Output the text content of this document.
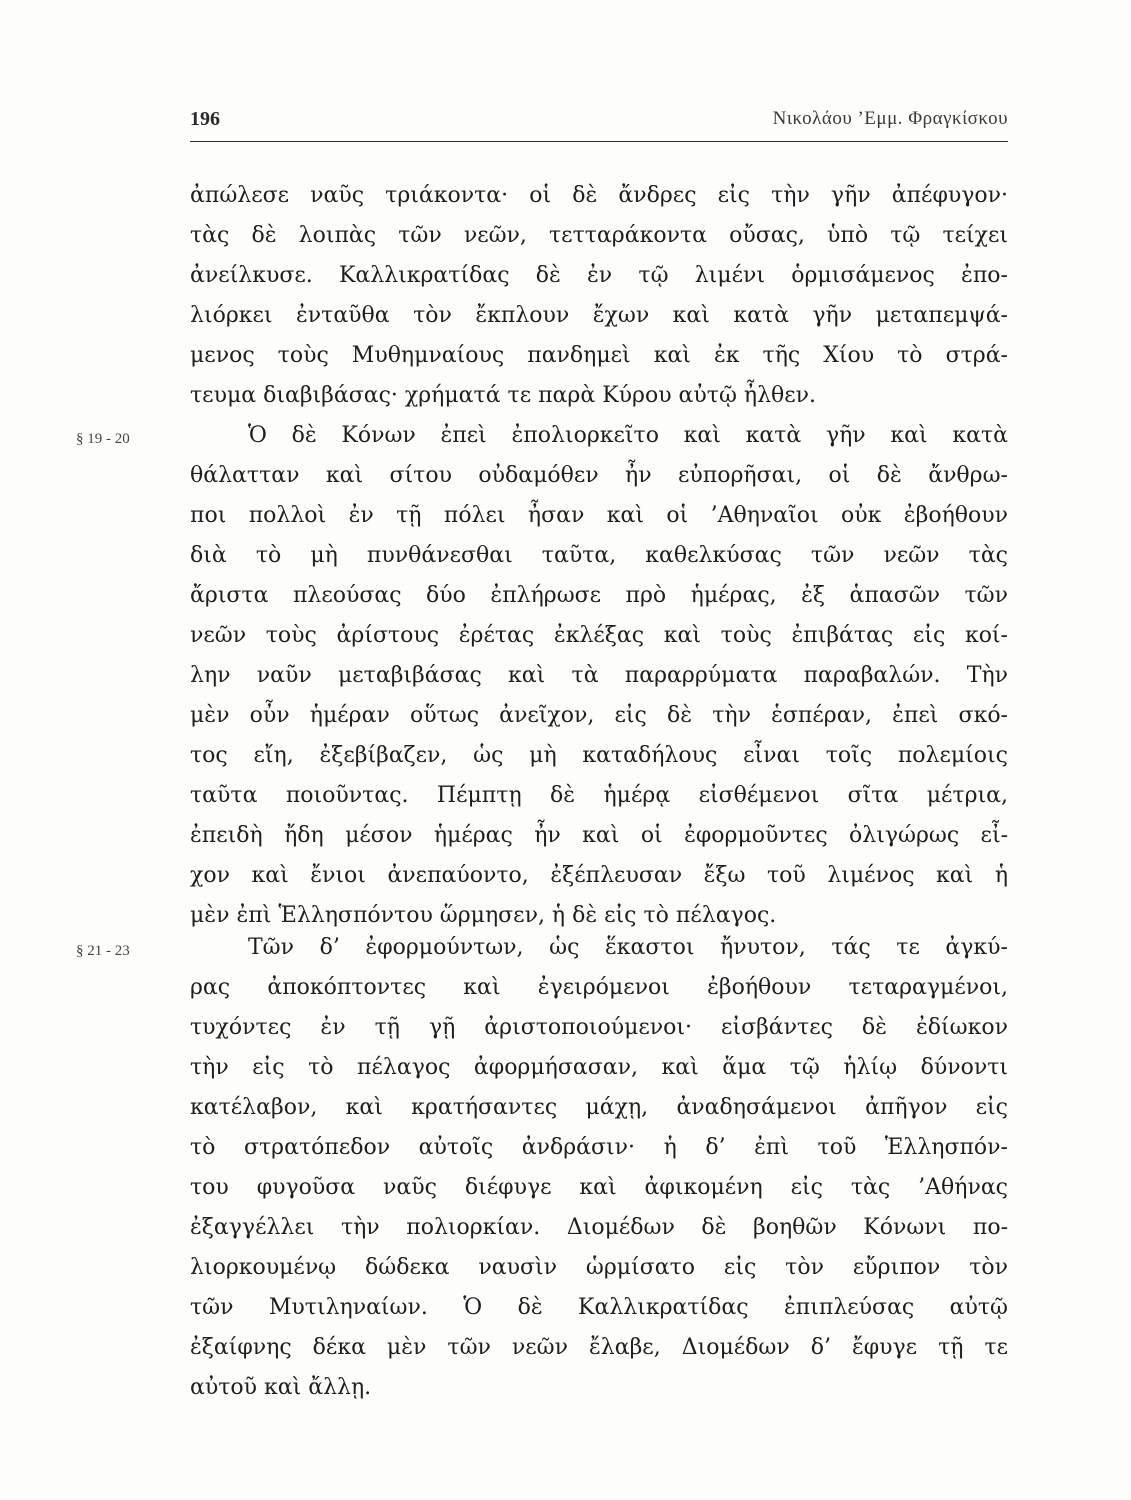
196	Νικολάου ’Εμμ. Φραγκίσκου
§ 19 - 20
§ 21 - 23
ἀπώλεσε ναῦς τριάκοντα· οἱ δὲ ἄνδρες εἰς τὴν γῆν ἀπέφυγον·
τὰς δὲ λοιπὰς τῶν νεῶν, τετταράκοντα οὔσας, ὑπὸ τῷ τείχει
ἀνείλκυσε. Καλλικρατίδας δὲ ἐν τῷ λιμένι ὁρμισάμενος ἐπο-
λιόρκει ἐνταῦθα τὸν ἔκπλουν ἔχων καὶ κατὰ γῆν μεταπεμψά-
μενος τοὺς Μυθημναίους πανδημεὶ καὶ ἐκ τῆς Χίου τὸ στρά-
τευμα διαβιβάσας· χρήματά τε παρὰ Κύρου αὐτῷ ἦλθεν.
Ὁ δὲ Κόνων ἐπεὶ ἐπολιορκεῖτο καὶ κατὰ γῆν καὶ κατὰ
θάλατταν καὶ σίτου οὐδαμόθεν ἦν εὐπορῆσαι, οἱ δὲ ἄνθρω-
ποι πολλοὶ ἐν τῇ πόλει ἦσαν καὶ οἱ ’Αθηναῖοι οὐκ ἐβοήθουν
διὰ τὸ μὴ πυνθάνεσθαι ταῦτα, καθελκύσας τῶν νεῶν τὰς
ἄριστα πλεούσας δύο ἐπλήρωσε πρὸ ἡμέρας, ἐξ ἁπασῶν τῶν
νεῶν τοὺς ἀρίστους ἐρέτας ἐκλέξας καὶ τοὺς ἐπιβάτας εἰς κοί-
λην ναῦν μεταβιβάσας καὶ τὰ παραρρύματα παραβαλών. Τὴν
μὲν οὖν ἡμέραν οὕτως ἀνεῖχον, εἰς δὲ τὴν ἑσπέραν, ἐπεὶ σκό-
τος εἴη, ἐξεβίβαζεν, ὡς μὴ καταδήλους εἶναι τοῖς πολεμίοις
ταῦτα ποιοῦντας. Πέμπτῃ δὲ ἡμέρᾳ εἰσθέμενοι σῖτα μέτρια,
ἐπειδὴ ἤδη μέσον ἡμέρας ἦν καὶ οἱ ἐφορμοῦντες ὀλιγώρως εἶ-
χον καὶ ἔνιοι ἀνεπαύοντο, ἐξέπλευσαν ἔξω τοῦ λιμένος καὶ ἡ
μὲν ἐπὶ Ἑλλησπόντου ὥρμησεν, ἡ δὲ εἰς τὸ πέλαγος.
Τῶν δ’ ἐφορμούντων, ὡς ἕκαστοι ἤνυτον, τάς τε ἀγκύ-
ρας ἀποκόπτοντες καὶ ἐγειρόμενοι ἐβοήθουν τεταραγμένοι,
τυχόντες ἐν τῇ γῇ ἀριστοποιούμενοι· εἰσβάντες δὲ ἐδίωκον
τὴν εἰς τὸ πέλαγος ἀφορμήσασαν, καὶ ἅμα τῷ ἡλίῳ δύνοντι
κατέλαβον, καὶ κρατήσαντες μάχῃ, ἀναδησάμενοι ἀπῆγον εἰς
τὸ στρατόπεδον αὐτοῖς ἀνδράσιν· ἡ δ’ ἐπὶ τοῦ Ἑλλησπόν-
του φυγοῦσα ναῦς διέφυγε καὶ ἀφικομένη εἰς τὰς ’Αθήνας
ἐξαγγέλλει τὴν πολιορκίαν. Διομέδων δὲ βοηθῶν Κόνωνι πο-
λιορκουμένῳ δώδεκα ναυσὶν ὡρμίσατο εἰς τὸν εὔριπον τὸν
τῶν Μυτιληναίων. Ὁ δὲ Καλλικρατίδας ἐπιπλεύσας αὐτῷ
ἐξαίφνης δέκα μὲν τῶν νεῶν ἔλαβε, Διομέδων δ’ ἔφυγε τῇ τε
αὐτοῦ καὶ ἄλλῃ.
